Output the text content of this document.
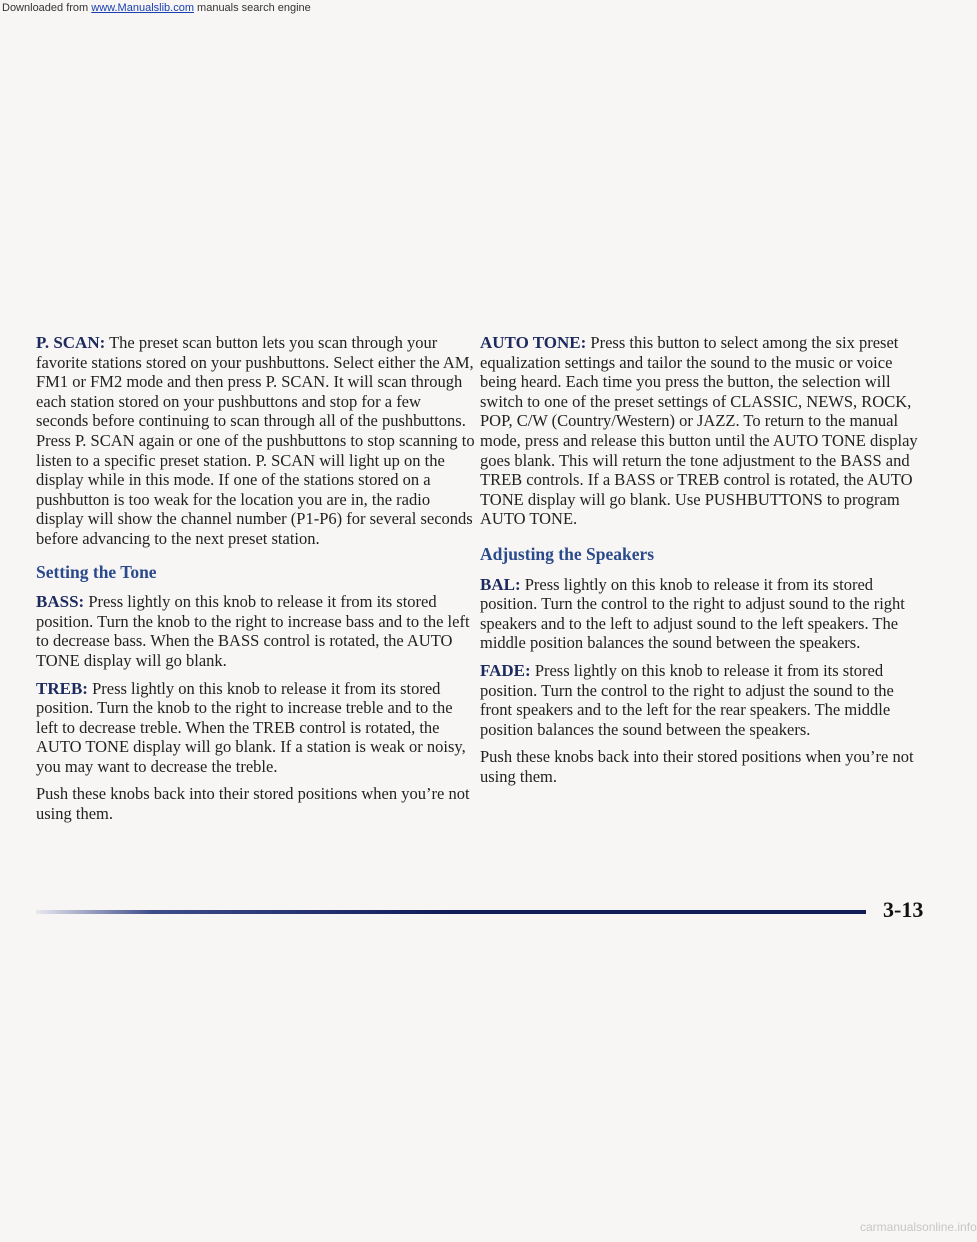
Downloaded from www.Manualslib.com manuals search engine

P. SCAN: The preset scan button lets you scan through your favorite stations stored on your pushbuttons. Select either the AM, FM1 or FM2 mode and then press P. SCAN. It will scan through each station stored on your pushbuttons and stop for a few seconds before continuing to scan through all of the pushbuttons. Press P. SCAN again or one of the pushbuttons to stop scanning to listen to a specific preset station. P. SCAN will light up on the display while in this mode. If one of the stations stored on a pushbutton is too weak for the location you are in, the radio display will show the channel number (P1-P6) for several seconds before advancing to the next preset station.

Setting the Tone

BASS: Press lightly on this knob to release it from its stored position. Turn the knob to the right to increase bass and to the left to decrease bass. When the BASS control is rotated, the AUTO TONE display will go blank.

TREB: Press lightly on this knob to release it from its stored position. Turn the knob to the right to increase treble and to the left to decrease treble. When the TREB control is rotated, the AUTO TONE display will go blank. If a station is weak or noisy, you may want to decrease the treble.

Push these knobs back into their stored positions when you’re not using them.

AUTO TONE: Press this button to select among the six preset equalization settings and tailor the sound to the music or voice being heard. Each time you press the button, the selection will switch to one of the preset settings of CLASSIC, NEWS, ROCK, POP, C/W (Country/Western) or JAZZ. To return to the manual mode, press and release this button until the AUTO TONE display goes blank. This will return the tone adjustment to the BASS and TREB controls. If a BASS or TREB control is rotated, the AUTO TONE display will go blank. Use PUSHBUTTONS to program AUTO TONE.

Adjusting the Speakers

BAL: Press lightly on this knob to release it from its stored position. Turn the control to the right to adjust sound to the right speakers and to the left to adjust sound to the left speakers. The middle position balances the sound between the speakers.

FADE: Press lightly on this knob to release it from its stored position. Turn the control to the right to adjust the sound to the front speakers and to the left for the rear speakers. The middle position balances the sound between the speakers.

Push these knobs back into their stored positions when you’re not using them.

3-13
carmanualsonline.info
